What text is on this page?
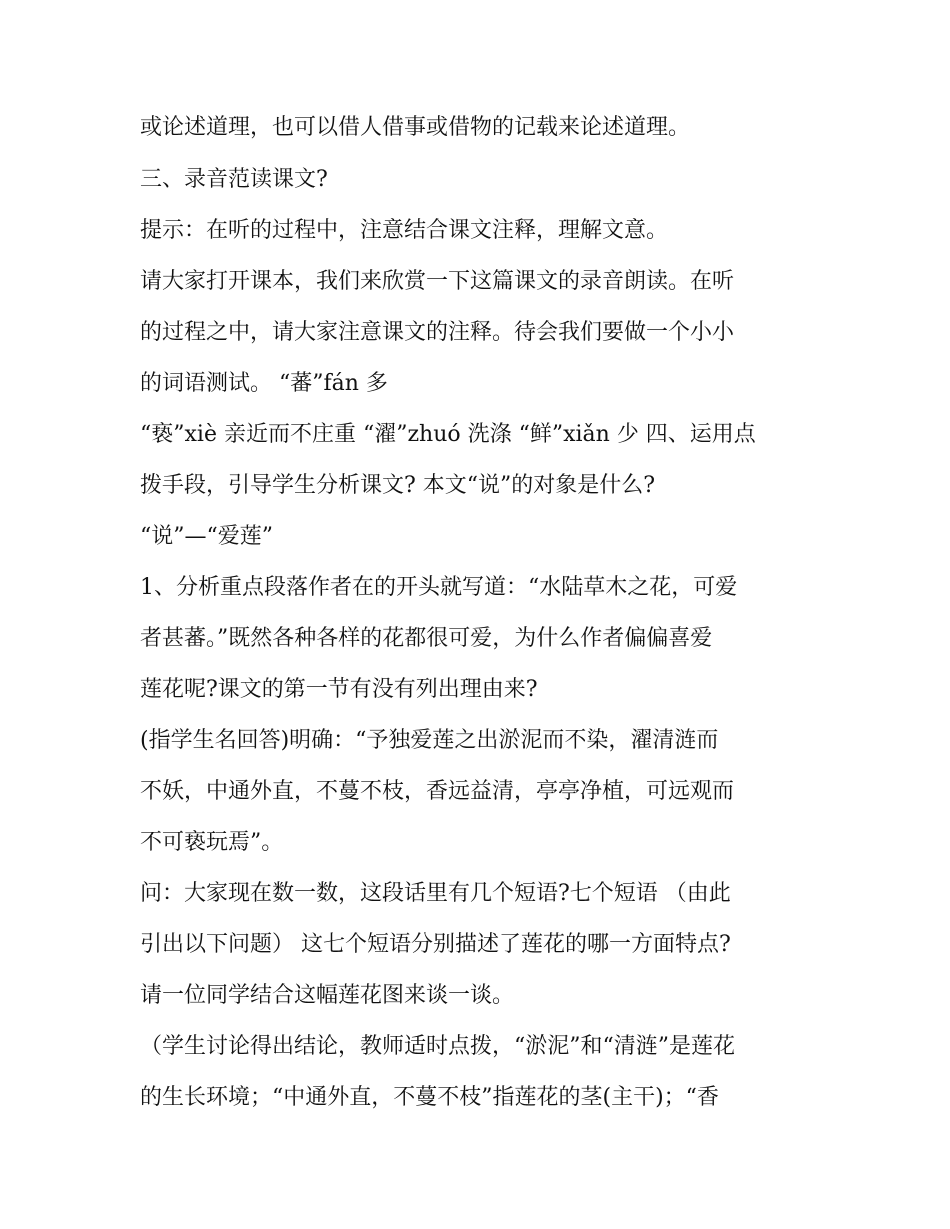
或论述道理，也可以借人借事或借物的记载来论述道理。

三、录音范读课文?

提示：在听的过程中，注意结合课文注释，理解文意。

请大家打开课本，我们来欣赏一下这篇课文的录音朗读。在听

的过程之中，请大家注意课文的注释。待会我们要做一个小小

的词语测试。 “蕃”fán 多

“亵”xiè 亲近而不庄重 “濯”zhuó 洗涤 “鲜”xiǎn 少 四、运用点

拨手段，引导学生分析课文? 本文“说”的对象是什么?

“说”—“爱莲”

1、分析重点段落作者在的开头就写道：“水陆草木之花，可爱

者甚蕃。”既然各种各样的花都很可爱，为什么作者偏偏喜爱

莲花呢?课文的第一节有没有列出理由来?

(指学生名回答)明确：“予独爱莲之出淤泥而不染，濯清涟而

不妖，中通外直，不蔓不枝，香远益清，亭亭净植，可远观而

不可亵玩焉”。

问：大家现在数一数，这段话里有几个短语?七个短语 （由此

引出以下问题） 这七个短语分别描述了莲花的哪一方面特点?

请一位同学结合这幅莲花图来谈一谈。

（学生讨论得出结论，教师适时点拨，“淤泥”和“清涟”是莲花

的生长环境；“中通外直，不蔓不枝”指莲花的茎(主干)；“香
